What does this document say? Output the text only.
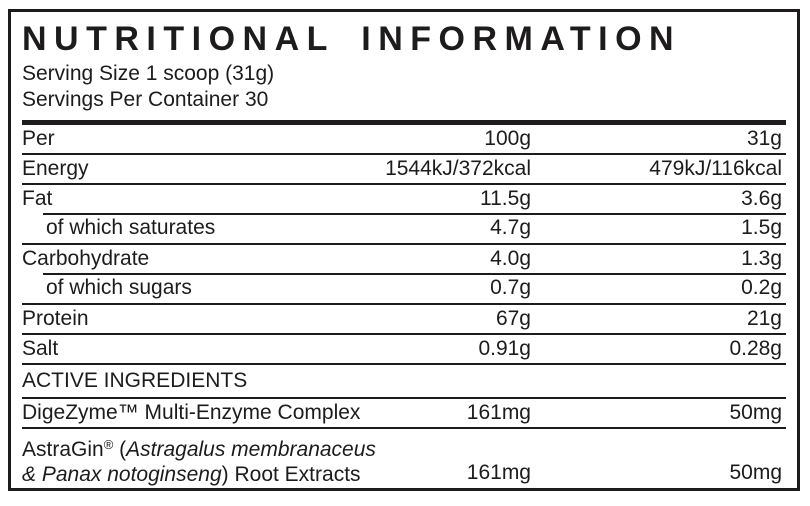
NUTRITIONAL INFORMATION
Serving Size 1 scoop (31g)
Servings Per Container 30
Per	100g	31g
Energy	1544kJ/372kcal	479kJ/116kcal
Fat	11.5g	3.6g
of which saturates	4.7g	1.5g
Carbohydrate	4.0g	1.3g
of which sugars	0.7g	0.2g
Protein	67g	21g
Salt	0.91g	0.28g
ACTIVE INGREDIENTS
DigeZyme™ Multi-Enzyme Complex	161mg	50mg
AstraGin® (Astragalus membranaceus
& Panax notoginseng) Root Extracts	161mg	50mg
